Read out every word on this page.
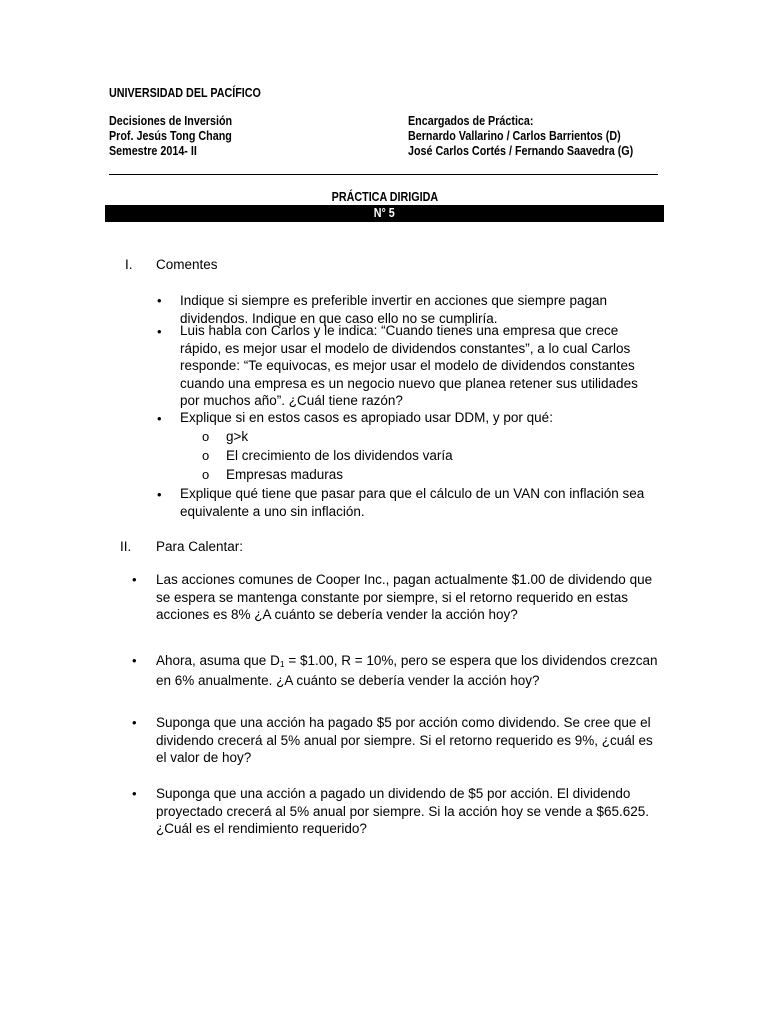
UNIVERSIDAD DEL PACÍFICO
Decisiones de Inversión
Prof. Jesús Tong Chang
Semestre 2014- II
Encargados de Práctica:
Bernardo Vallarino / Carlos Barrientos (D)
José Carlos Cortés / Fernando Saavedra (G)
PRÁCTICA DIRIGIDA
N° 5
I. Comentes
• Indique si siempre es preferible invertir en acciones que siempre pagan dividendos. Indique en que caso ello no se cumpliría.
• Luis habla con Carlos y le indica: “Cuando tienes una empresa que crece rápido, es mejor usar el modelo de dividendos constantes”, a lo cual Carlos responde: “Te equivocas, es mejor usar el modelo de dividendos constantes cuando una empresa es un negocio nuevo que planea retener sus utilidades por muchos año”. ¿Cuál tiene razón?
• Explique si en estos casos es apropiado usar DDM, y por qué:
o g>k
o El crecimiento de los dividendos varía
o Empresas maduras
• Explique qué tiene que pasar para que el cálculo de un VAN con inflación sea equivalente a uno sin inflación.
II. Para Calentar:
• Las acciones comunes de Cooper Inc., pagan actualmente $1.00 de dividendo que se espera se mantenga constante por siempre, si el retorno requerido en estas acciones es 8% ¿A cuánto se debería vender la acción hoy?
• Ahora, asuma que D1 = $1.00, R = 10%, pero se espera que los dividendos crezcan en 6% anualmente. ¿A cuánto se debería vender la acción hoy?
• Suponga que una acción ha pagado $5 por acción como dividendo. Se cree que el dividendo crecerá al 5% anual por siempre. Si el retorno requerido es 9%, ¿cuál es el valor de hoy?
• Suponga que una acción a pagado un dividendo de $5 por acción. El dividendo proyectado crecerá al 5% anual por siempre. Si la acción hoy se vende a $65.625. ¿Cuál es el rendimiento requerido?
